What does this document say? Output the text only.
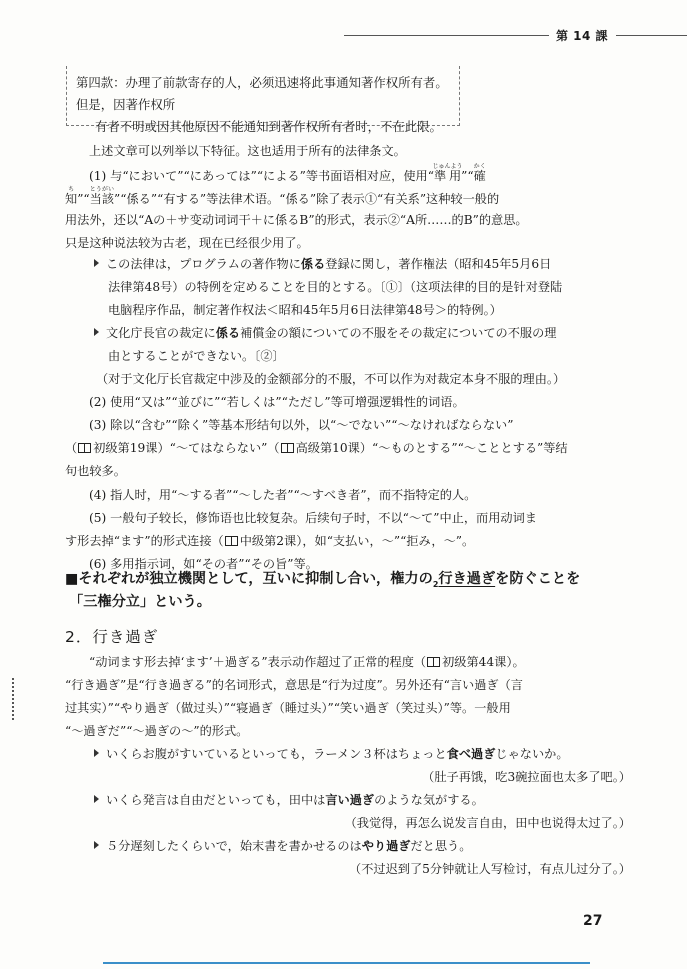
第 14 課
第四款：办理了前款寄存的人，必须迅速将此事通知著作权所有者。但是，因著作权所
有者不明或因其他原因不能通知到著作权所有者时，不在此限。
上述文章可以列举以下特征。这也适用于所有的法律条文。
(1) 与“において”“にあっては”“による”等书面语相对应，使用“準用じゅんよう”“確かく
知ち”“当該とうがい”“係る”“有する”等法律术语。“係る”除了表示①“有关系”这种较一般的
用法外，还以“Aの＋サ变动词词干＋に係るB”的形式，表示②“A所……的B”的意思。
只是这种说法较为古老，现在已经很少用了。
この法律は，プログラムの著作物に係る登録に関し，著作権法（昭和45年5月6日
法律第48号）の特例を定めることを目的とする。〔①〕（这项法律的目的是针对登陆
电脑程序作品，制定著作权法＜昭和45年5月6日法律第48号＞的特例。）
文化庁長官の裁定に係る補償金の額についての不服をその裁定についての不服の理
由とすることができない。〔②〕
（对于文化厅长官裁定中涉及的金额部分的不服，不可以作为对裁定本身不服的理由。）
(2) 使用“又は”“並びに”“若しくは”“ただし”等可增强逻辑性的词语。
(3) 除以“含む”“除く”等基本形结句以外，以“～でない”“～なければならない”
（ 初级第19课）“～てはならない”（ 高级第10课）“～ものとする”“～こととする”等结
句也较多。
(4) 指人时，用“～する者”“～した者”“～すべき者”，而不指特定的人。
(5) 一般句子较长，修饰语也比较复杂。后续句子时，不以“～て”中止，而用动词ま
す形去掉“ます”的形式连接（ 中级第2课），如“支払い，～”“拒み，～”。
(6) 多用指示词，如“その者”“その旨”等。
■それぞれが独立機関として，互いに抑制し合い，権力の$_2$行き過ぎを防ぐことを
「三権分立」という。
2．行き過ぎ
“动词ます形去掉‘ます’＋過ぎる”表示动作超过了正常的程度（ 初级第44课）。
“行き過ぎ”是“行き過ぎる”的名词形式，意思是“行为过度”。另外还有“言い過ぎ（言
过其实）”“やり過ぎ（做过头）”“寝過ぎ（睡过头）”“笑い過ぎ（笑过头）”等。一般用
“～過ぎだ”“～過ぎの～”的形式。
いくらお腹がすいているといっても，ラーメン３杯はちょっと食べ過ぎじゃないか。
（肚子再饿，吃3碗拉面也太多了吧。）
いくら発言は自由だといっても，田中は言い過ぎのような気がする。
（我觉得，再怎么说发言自由，田中也说得太过了。）
５分遅刻したくらいで，始末書を書かせるのはやり過ぎだと思う。
（不过迟到了5分钟就让人写检讨，有点儿过分了。）
27
